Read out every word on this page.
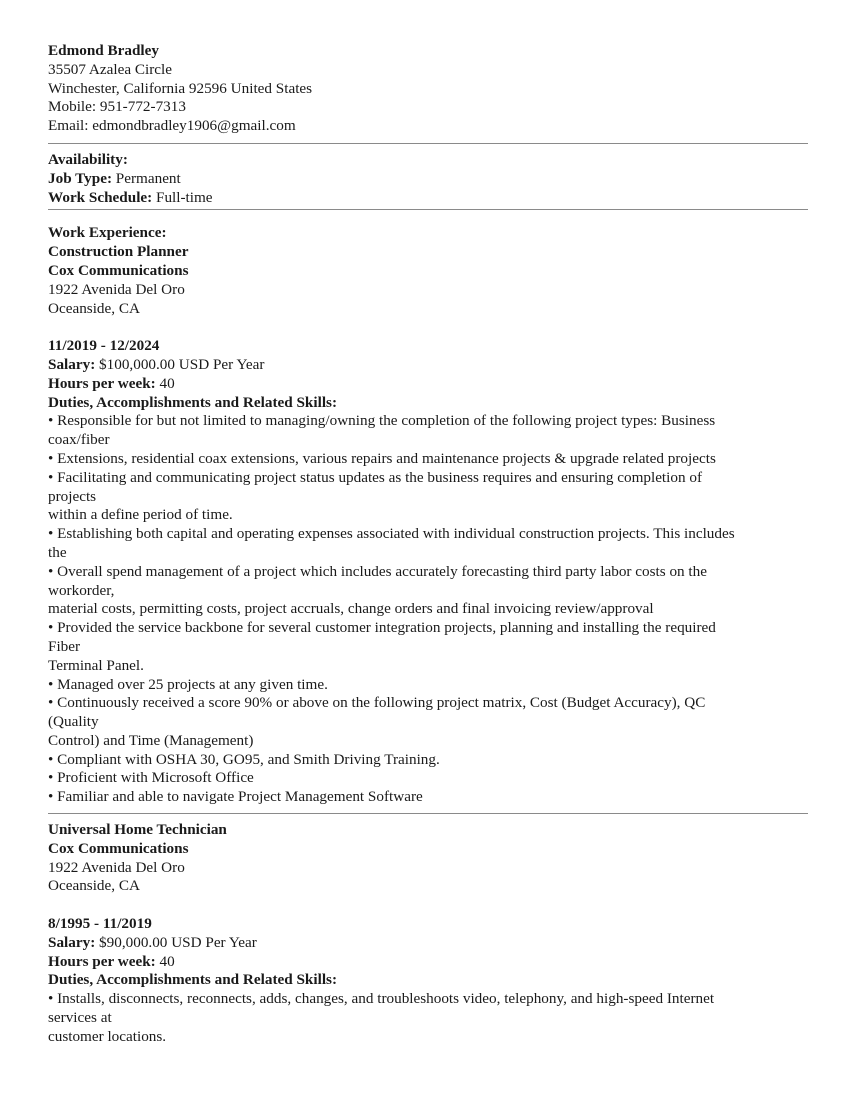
Edmond Bradley
35507 Azalea Circle
Winchester, California 92596 United States
Mobile: 951-772-7313
Email: edmondbradley1906@gmail.com
Availability:
Job Type: Permanent
Work Schedule: Full-time
Work Experience:
Construction Planner
Cox Communications
1922 Avenida Del Oro
Oceanside, CA
11/2019 - 12/2024
Salary: $100,000.00 USD Per Year
Hours per week: 40
Duties, Accomplishments and Related Skills:
• Responsible for but not limited to managing/owning the completion of the following project types: Business
coax/fiber
• Extensions, residential coax extensions, various repairs and maintenance projects & upgrade related projects
• Facilitating and communicating project status updates as the business requires and ensuring completion of
projects
within a define period of time.
• Establishing both capital and operating expenses associated with individual construction projects. This includes
the
• Overall spend management of a project which includes accurately forecasting third party labor costs on the
workorder,
material costs, permitting costs, project accruals, change orders and final invoicing review/approval
• Provided the service backbone for several customer integration projects, planning and installing the required
Fiber
Terminal Panel.
• Managed over 25 projects at any given time.
• Continuously received a score 90% or above on the following project matrix, Cost (Budget Accuracy), QC
(Quality
Control) and Time (Management)
• Compliant with OSHA 30, GO95, and Smith Driving Training.
• Proficient with Microsoft Office
• Familiar and able to navigate Project Management Software
Universal Home Technician
Cox Communications
1922 Avenida Del Oro
Oceanside, CA
8/1995 - 11/2019
Salary: $90,000.00 USD Per Year
Hours per week: 40
Duties, Accomplishments and Related Skills:
• Installs, disconnects, reconnects, adds, changes, and troubleshoots video, telephony, and high-speed Internet
services at
customer locations.
